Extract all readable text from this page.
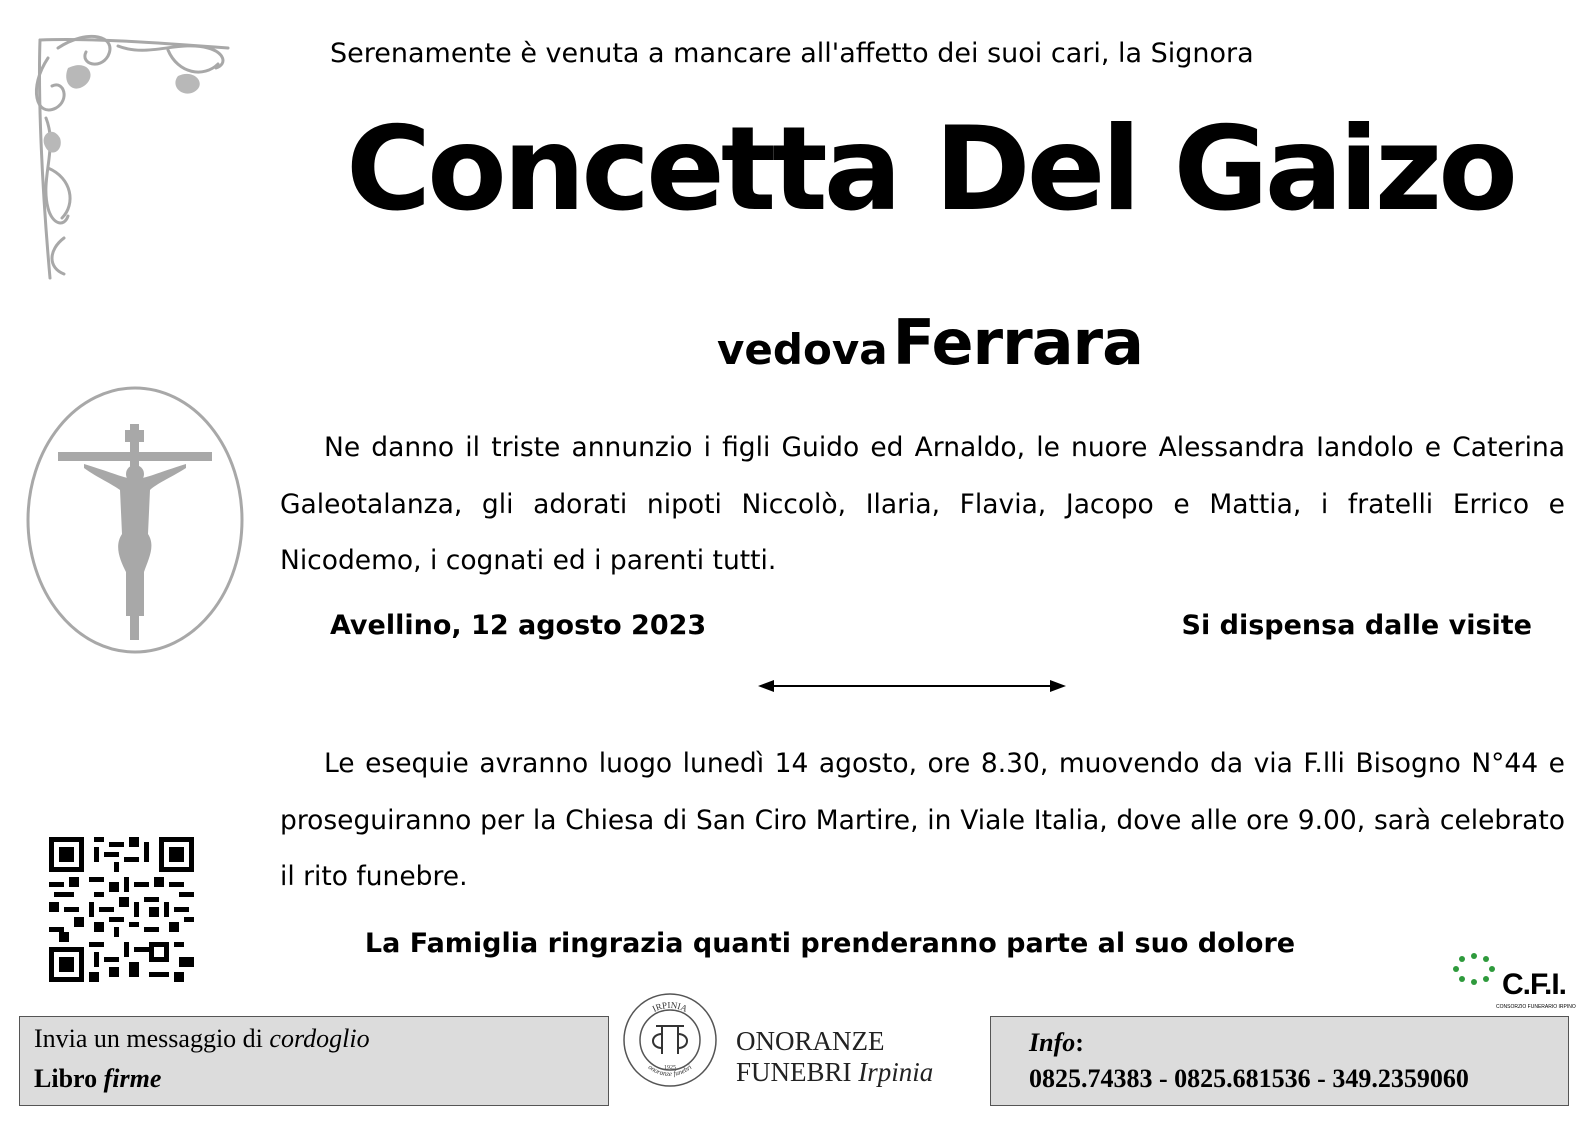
Serenamente è venuta a mancare all'affetto dei suoi cari, la Signora
Concetta Del Gaizo
vedova Ferrara
Ne danno il triste annunzio i figli Guido ed Arnaldo, le nuore Alessandra Iandolo e Caterina Galeotalanza, gli adorati nipoti Niccolò, Ilaria, Flavia, Jacopo e Mattia, i fratelli Errico e Nicodemo, i cognati ed i parenti tutti.
Avellino, 12 agosto 2023	Si dispensa dalle visite
Le esequie avranno luogo lunedì 14 agosto, ore 8.30, muovendo da via F.lli Bisogno N°44 e proseguiranno per la Chiesa di San Ciro Martire, in Viale Italia, dove alle ore 9.00, sarà celebrato il rito funebre.
La Famiglia ringrazia quanti prenderanno parte al suo dolore
C.F.I.
CONSORZIO FUNERARIO IRPINO
Invia un messaggio di cordoglio
Libro firme
IRPINIA
onoranze funebri
1925
ONORANZE
FUNEBRI Irpinia
Info:
0825.74383 - 0825.681536 - 349.2359060
